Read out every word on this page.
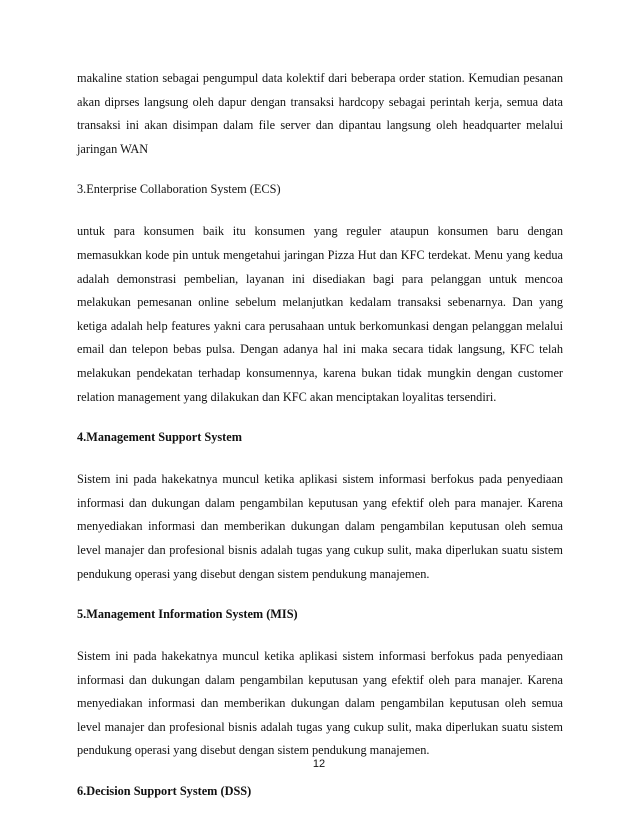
makaline station sebagai pengumpul data kolektif dari beberapa order station. Kemudian pesanan akan diprses langsung oleh dapur dengan transaksi hardcopy sebagai perintah kerja, semua data transaksi ini akan disimpan dalam file server dan dipantau langsung oleh headquarter melalui jaringan WAN

3.Enterprise Collaboration System (ECS)

untuk para konsumen baik itu konsumen yang reguler ataupun konsumen baru dengan memasukkan kode pin untuk mengetahui jaringan Pizza Hut dan KFC terdekat. Menu yang kedua adalah demonstrasi pembelian, layanan ini disediakan bagi para pelanggan untuk mencoa melakukan pemesanan online sebelum melanjutkan kedalam transaksi sebenarnya. Dan yang ketiga adalah help features yakni cara perusahaan untuk berkomunkasi dengan pelanggan melalui email dan telepon bebas pulsa. Dengan adanya hal ini maka secara tidak langsung, KFC telah melakukan pendekatan terhadap konsumennya, karena bukan tidak mungkin dengan customer relation management yang dilakukan dan KFC akan menciptakan loyalitas tersendiri.

4.Management Support System

Sistem ini pada hakekatnya muncul ketika aplikasi sistem informasi berfokus pada penyediaan informasi dan dukungan dalam pengambilan keputusan yang efektif oleh para manajer. Karena menyediakan informasi dan memberikan dukungan dalam pengambilan keputusan oleh semua level manajer dan profesional bisnis adalah tugas yang cukup sulit, maka diperlukan suatu sistem pendukung operasi yang disebut dengan sistem pendukung manajemen.

5.Management Information System (MIS)

Sistem ini pada hakekatnya muncul ketika aplikasi sistem informasi berfokus pada penyediaan informasi dan dukungan dalam pengambilan keputusan yang efektif oleh para manajer. Karena menyediakan informasi dan memberikan dukungan dalam pengambilan keputusan oleh semua level manajer dan profesional bisnis adalah tugas yang cukup sulit, maka diperlukan suatu sistem pendukung operasi yang disebut dengan sistem pendukung manajemen.

6.Decision Support System (DSS)
12
